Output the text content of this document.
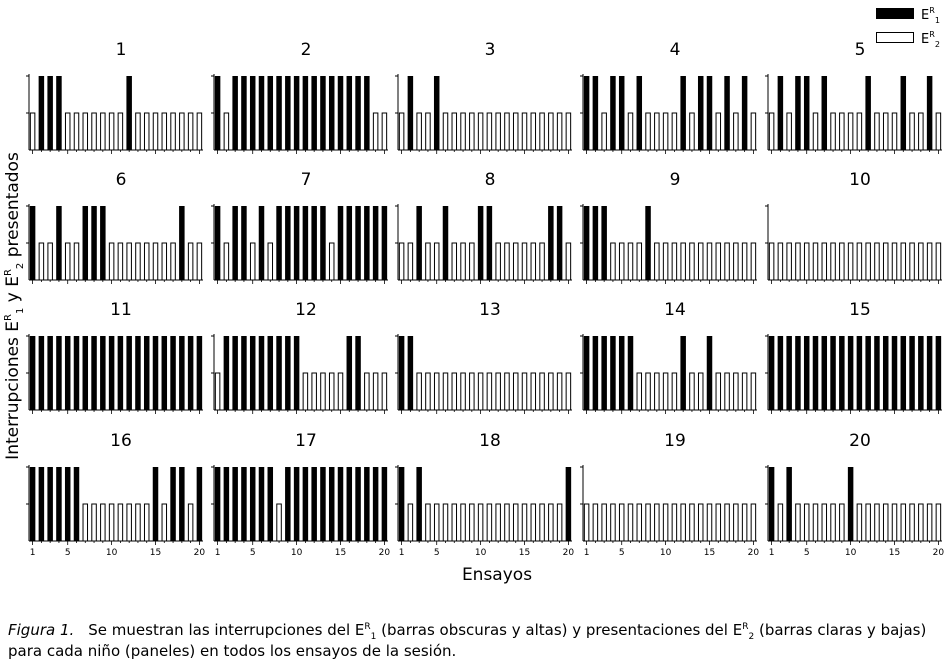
1	2	3	4	5
6	7	8	9	10
11	12	13	14	15
16
1	5	10	15	20
17
1	5	10	15	20
18
1	5	10	15	20
19
1	5	10	15	20
20
1	5	10	15	20
Ensayos
Interrupciones $E^R_1$ y $E^R_2$ presentados
$E^R_1$
$E^R_2$
Figura 1. Se muestran las interrupciones del $E^R_1$ (barras obscuras y altas) y presentaciones del $E^R_2$ (barras claras y bajas) para cada niño (paneles) en todos los ensayos de la sesión.
